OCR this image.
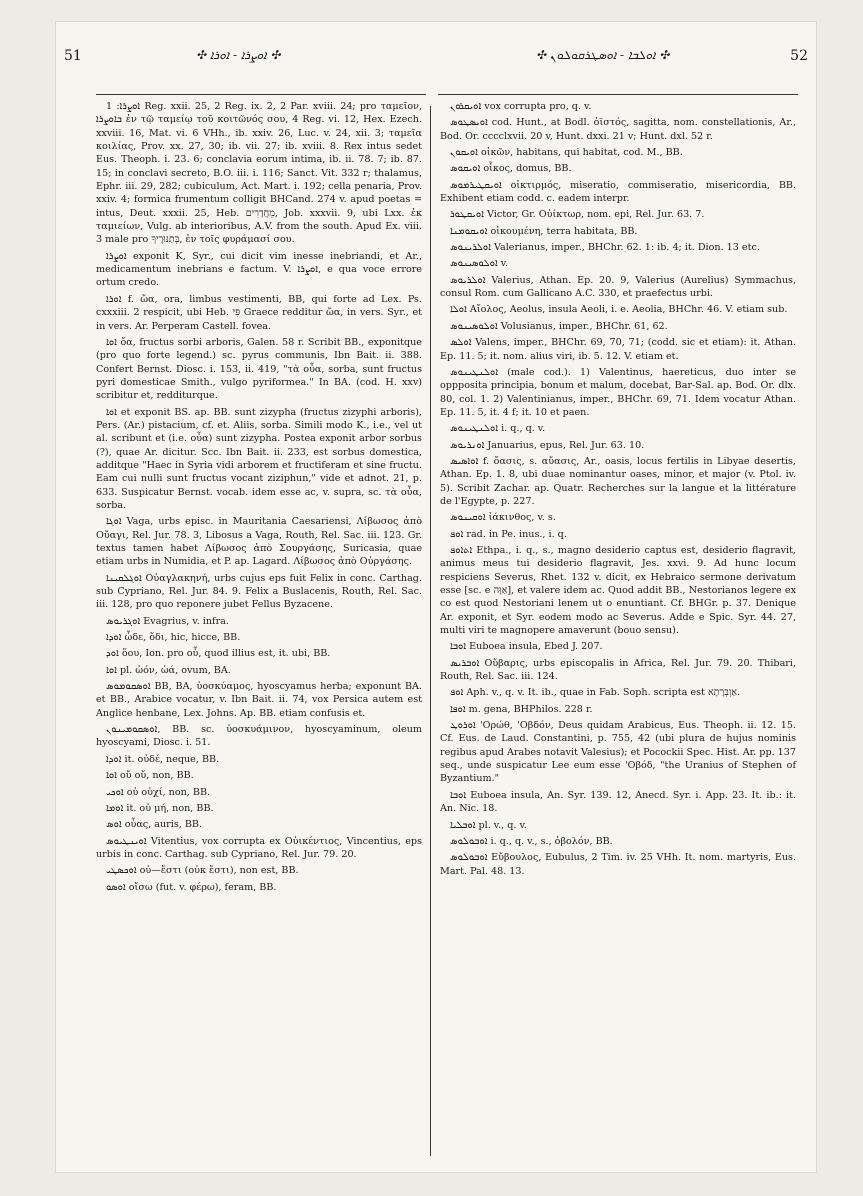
51	✣ ܐܘܨܪܐ - ܐܘܪܐ ✣	✣ ܐܘܠܒܐ - ܐܘܣܛܪܩܘܠܘܢ ✣	52

ܐܘܨܪܐ: 1 Reg. xxii. 25, 2 Reg. ix. 2, 2 Par. xviii. 24; pro ταμεῖον, ܒܐܘܨܪܐ ἐν τῷ ταμείῳ τοῦ κοιτῶνός σου, 4 Reg. vi. 12, Hex. Ezech. xxviii. 16, Mat. vi. 6 VHh., ib. xxiv. 26, Luc. v. 24, xii. 3; ταμεῖα κοιλίας, Prov. xx. 27, 30; ib. vii. 27; ib. xviii. 8. Rex intus sedet Eus. Theoph. i. 23. 6; conclavia eorum intima, ib. ii. 78. 7; ib. 87. 15; in conclavi secreto, B.O. iii. i. 116; Sanct. Vit. 332 r; thalamus, Ephr. iii. 29, 282; cubiculum, Act. Mart. i. 192; cella penaria, Prov. xxiv. 4; formica frumentum colligit BHCand. 274 v. apud poetas = intus, Deut. xxxii. 25, Heb. מֵחֲדָרִים, Job. xxxvii. 9, ubi Lxx. ἐκ ταμιείων, Vulg. ab interioribus, A.V. from the south. Apud Ex. viii. 3 male pro בְּתַנּוּרֶיךָ, ἐν τοῖς φυράμασί σου.

ܐܘܨܪܐ exponit K, Syr., cui dicit vim inesse inebriandi, et Ar., medicamentum inebrians e factum. V. ܐܘܨܪܐ, e qua voce errore ortum credo.

ܐܘܪܐ f. ὤα, ora, limbus vestimenti, BB, qui forte ad Lex. Ps. cxxxiii. 2 respicit, ubi Heb. פִּי Graece redditur ὤα, in vers. Syr., et in vers. Ar. Perperam Castell. fovea.

ܐܘܐ ὄα, fructus sorbi arboris, Galen. 58 r. Scribit BB., exponitque (pro quo forte legend.) sc. pyrus communis, Ibn Bait. ii. 388. Confert Bernst. Diosc. i. 153, ii. 419, "τὰ οὖα, sorba, sunt fructus pyri domesticae Smith., vulgo pyriformea." In BA. (cod. H. xxv) scribitur et, redditurque.

ܐܘܐ et exponit BS. ap. BB. sunt zizypha (fructus zizyphi arboris), Pers. (Ar.) pistacium, cf. et. Aliis, sorba. Simili modo K., i.e., vel ut al. scribunt et (i.e. οὖα) sunt zizypha. Postea exponit arbor sorbus (?), quae Ar. dicitur. Scc. Ibn Bait. ii. 233, est sorbus domestica, additque "Haec in Syria vidi arborem et fructiferam et sine fructu. Eam cui nulli sunt fructus vocant ziziphun," vide et adnot. 21, p. 633. Suspicatur Bernst. vocab. idem esse ac, v. supra, sc. τὰ οὖα, sorba.

ܐܘܓܐ Vaga, urbs episc. in Mauritania Caesariensi, Λίβωσος ἀπὸ Οὔαγι, Rel. Jur. 78. 3, Libosus a Vaga, Routh, Rel. Sac. iii. 123. Gr. textus tamen habet Λίβωσος ἀπὸ Σουργάσης, Suricasia, quae etiam urbs in Numidia, et P. ap. Lagard. Λίβωσος ἀπὸ Οὐργάσης.

ܐܘܓܠܩܝܢܐ Οὐαγλακηνή, urbs cujus eps fuit Felix in conc. Carthag. sub Cypriano, Rel. Jur. 84. 9. Felix a Buslacenis, Routh, Rel. Sac. iii. 128, pro quo reponere jubet Fellus Byzacene.

ܐܘܓܪܝܘܣ Evagrius, v. infra.

ܐܘܕܐ ὧδε, ὅδι, hic, hicce, BB.

ܐܘܕ ὅου, Ion. pro οὗ, quod illius est, it. ubi, BB.

ܐܘܐ pl. ὠόν, ὠά, ovum, BA.

ܐܘܣܩܘܡܘܣ BB, BA, ὑοσκύαμος, hyoscyamus herba; exponunt BA. et BB., Arabice vocatur, v. Ibn Bait. ii. 74, vox Persica autem est Anglice henbane, Lex. Johns. Ap. BB. etiam confusis et.

ܐܘܣܩܘܡܝܢܘܢ, BB. sc. ὑοσκυάμινον, hyoscyaminum, oleum hyoscyami, Diosc. i. 51.

ܐܘܕܐ it. οὐδέ, neque, BB.

ܐܘܐ οὔ οὔ, non, BB.

ܐܘܟܝ οὐ οὐχί, non, BB.

ܐܘܡܐ it. οὐ μή, non, BB.

ܐܘܣ οὖας, auris, BB.

ܐܘܝܢܛܝܘܣ Vitentius, vox corrupta ex Οὐικέντιος, Vincentius, eps urbis in conc. Carthag. sub Cypriano, Rel. Jur. 79. 20.

ܐܘܟܣܛܝ οὐ—ἔστι (οὐκ ἔστι), non est, BB.

ܐܘܣܘ οἴσω (fut. v. φέρω), feram, BB.

ܐܘܝܩܪܘܢ vox corrupta pro, q. v.

ܐܘܝܣܛܘܣ cod. Hunt., at Bodl. ὀϊστός, sagitta, nom. constellationis, Ar., Bod. Or. cccclxvii. 20 v, Hunt. dxxi. 21 v; Hunt. dxl. 52 r.

ܐܘܝܩܘܢ οἰκῶν, habitans, qui habitat, cod. M., BB.

ܐܘܝܩܘܣ οἶκος, domus, BB.

ܐܘܝܩܛܝܪܡܘܣ οἰκτιρμός, miseratio, commiseratio, misericordia, BB. Exhibent etiam codd. c. eadem interpr.

ܐܘܝܩܛܘܪ Victor, Gr. Οὐίκτωρ, nom. epi, Rel. Jur. 63. 7.

ܐܘܝܩܘܡܢܐ οἰκουμένη, terra habitata, BB.

ܐܘܠܪܝܢܘܣ Valerianus, imper., BHChr. 62. 1: ib. 4; it. Dion. 13 etc.

ܐܘܠܘܣܝܢܘܣ v.

ܐܘܠܪܝܘܣ Valerius, Athan. Ep. 20. 9, Valerius (Aurelius) Symmachus, consul Rom. cum Gallicano A.C. 330, et praefectus urbi.

ܐܘܠܐ Αἴολος, Aeolus, insula Aeoli, i. e. Aeolia, BHChr. 46. V. etiam sub.

ܐܘܠܘܣܝܢܘܣ Volusianus, imper., BHChr. 61, 62.

ܐܘܠܣ Valens, imper., BHChr. 69, 70, 71; (codd. sic et etiam): it. Athan. Ep. 11. 5; it. nom. alius viri, ib. 5. 12. V. etiam et.

ܐܘܠܢܛܝܢܘܣ (male cod.). 1) Valentinus, haereticus, duo inter se oppposita principia, bonum et malum, docebat, Bar-Sal. ap. Bod. Or. dlx. 80, col. 1. 2) Valentinianus, imper., BHChr. 69, 71. Idem vocatur Athan. Ep. 11. 5, it. 4 f; it. 10 et paen.

ܐܘܠܢܛܝܢܘܣ i. q., q. v.

ܐܘܢܪܝܘܣ Januarius, epus, Rel. Jur. 63. 10.

ܐܘܐܣܝܣ f. ὄασις, s. αὔασις, Ar., oasis, locus fertilis in Libyae desertis, Athan. Ep. 1. 8, ubi duae nominantur oases, minor, et major (v. Ptol. iv. 5). Scribit Zachar. ap. Quatr. Recherches sur la langue et la littérature de l'Egypte, p. 227.

ܐܘܩܝܢܘܣ ἰάκινθος, v. s.

ܐܘܦ rad. in Pe. inus., i. q.

ܐܬܐܘܦ Ethpa., i. q., s., magno desiderio captus est, desiderio flagravit, animus meus tui desiderio flagravit, Jes. xxvi. 9. Ad hunc locum respiciens Severus, Rhet. 132 v. dicit, ex Hebraico sermone derivatum esse [sc. e אַוָּה], et valere idem ac. Quod addit BB., Nestorianos legere ex co est quod Nestoriani lenem ut o enuntiant. Cf. BHGr. p. 37. Denique Ar. exponit, et Syr. eodem modo ac Severus. Adde e Spic. Syr. 44. 27, multi viri te magnopere amaverunt (bouo sensu).

ܐܘܒܐ Euboea insula, Ebed J. 207.

ܐܘܒܪܝܣ Οὔβαρις, urbs episcopalis in Africa, Rel. Jur. 79. 20. Thibari, Routh, Rel. Sac. iii. 124.

ܐܘܦ Aph. v., q. v. It. ib., quae in Fab. Soph. scripta est אַוְבְּרָתָא.

ܐܘܦܐ m. gena, BHPhilos. 228 r.

ܐܘܪܘܛ 'Ορώθ, 'Οβδόν, Deus quidam Arabicus, Eus. Theoph. ii. 12. 15. Cf. Eus. de Laud. Constantini, p. 755, 42 (ubi plura de hujus nominis regibus apud Arabes notavit Valesius); et Pocockii Spec. Hist. Ar. pp. 137 seq., unde suspicatur Lee eum esse 'Οβόδ, "the Uranius of Stephen of Byzantium."

ܐܘܒܐ Euboea insula, An. Syr. 139. 12, Anecd. Syr. i. App. 23. It. ib.: it. An. Nic. 18.

ܐܘܒܠܝܐ pl. v., q. v.

ܐܘܒܘܠܘܣ i. q., q. v., s., ὀβολόν, BB.

ܐܘܒܘܠܘܣ Εὔβουλος, Eubulus, 2 Tim. iv. 25 VHh. It. nom. martyris, Eus. Mart. Pal. 48. 13.
